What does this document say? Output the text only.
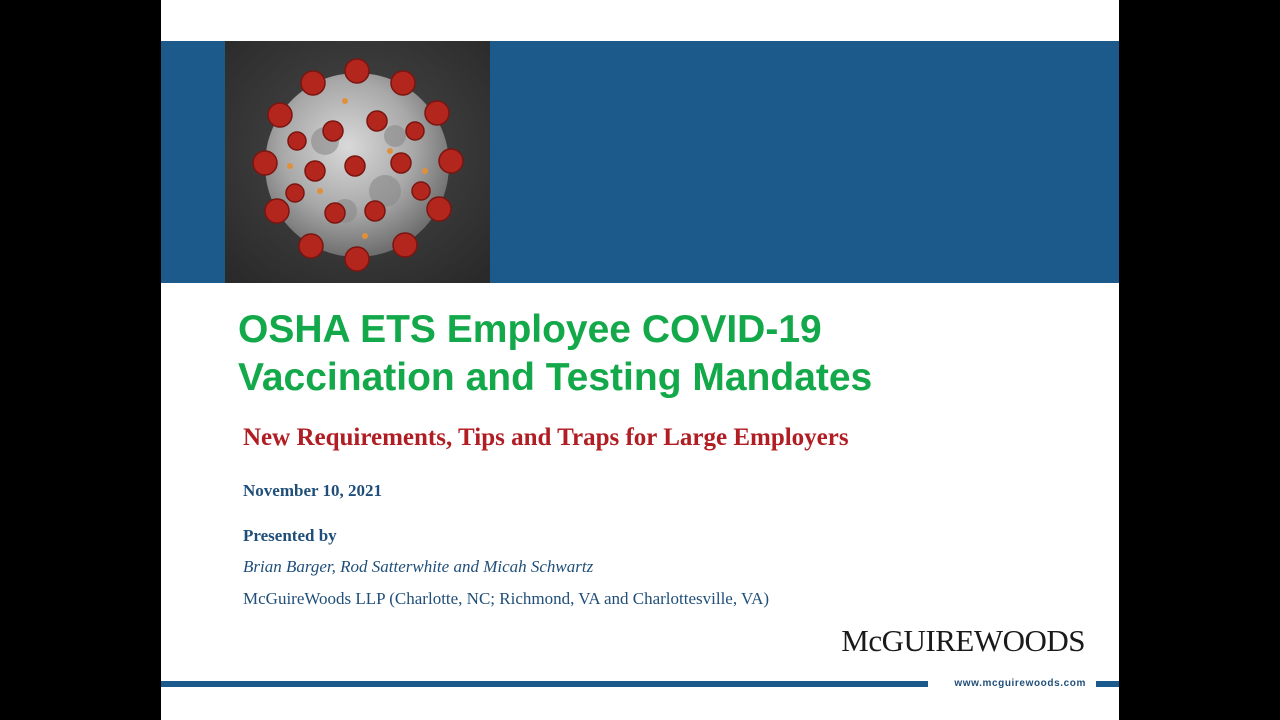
OSHA ETS Employee COVID-19
Vaccination and Testing Mandates
New Requirements, Tips and Traps for Large Employers
November 10, 2021
Presented by
Brian Barger, Rod Satterwhite and Micah Schwartz
McGuireWoods LLP (Charlotte, NC; Richmond, VA and Charlottesville, VA)
McGUIREWOODS
www.mcguirewoods.com
